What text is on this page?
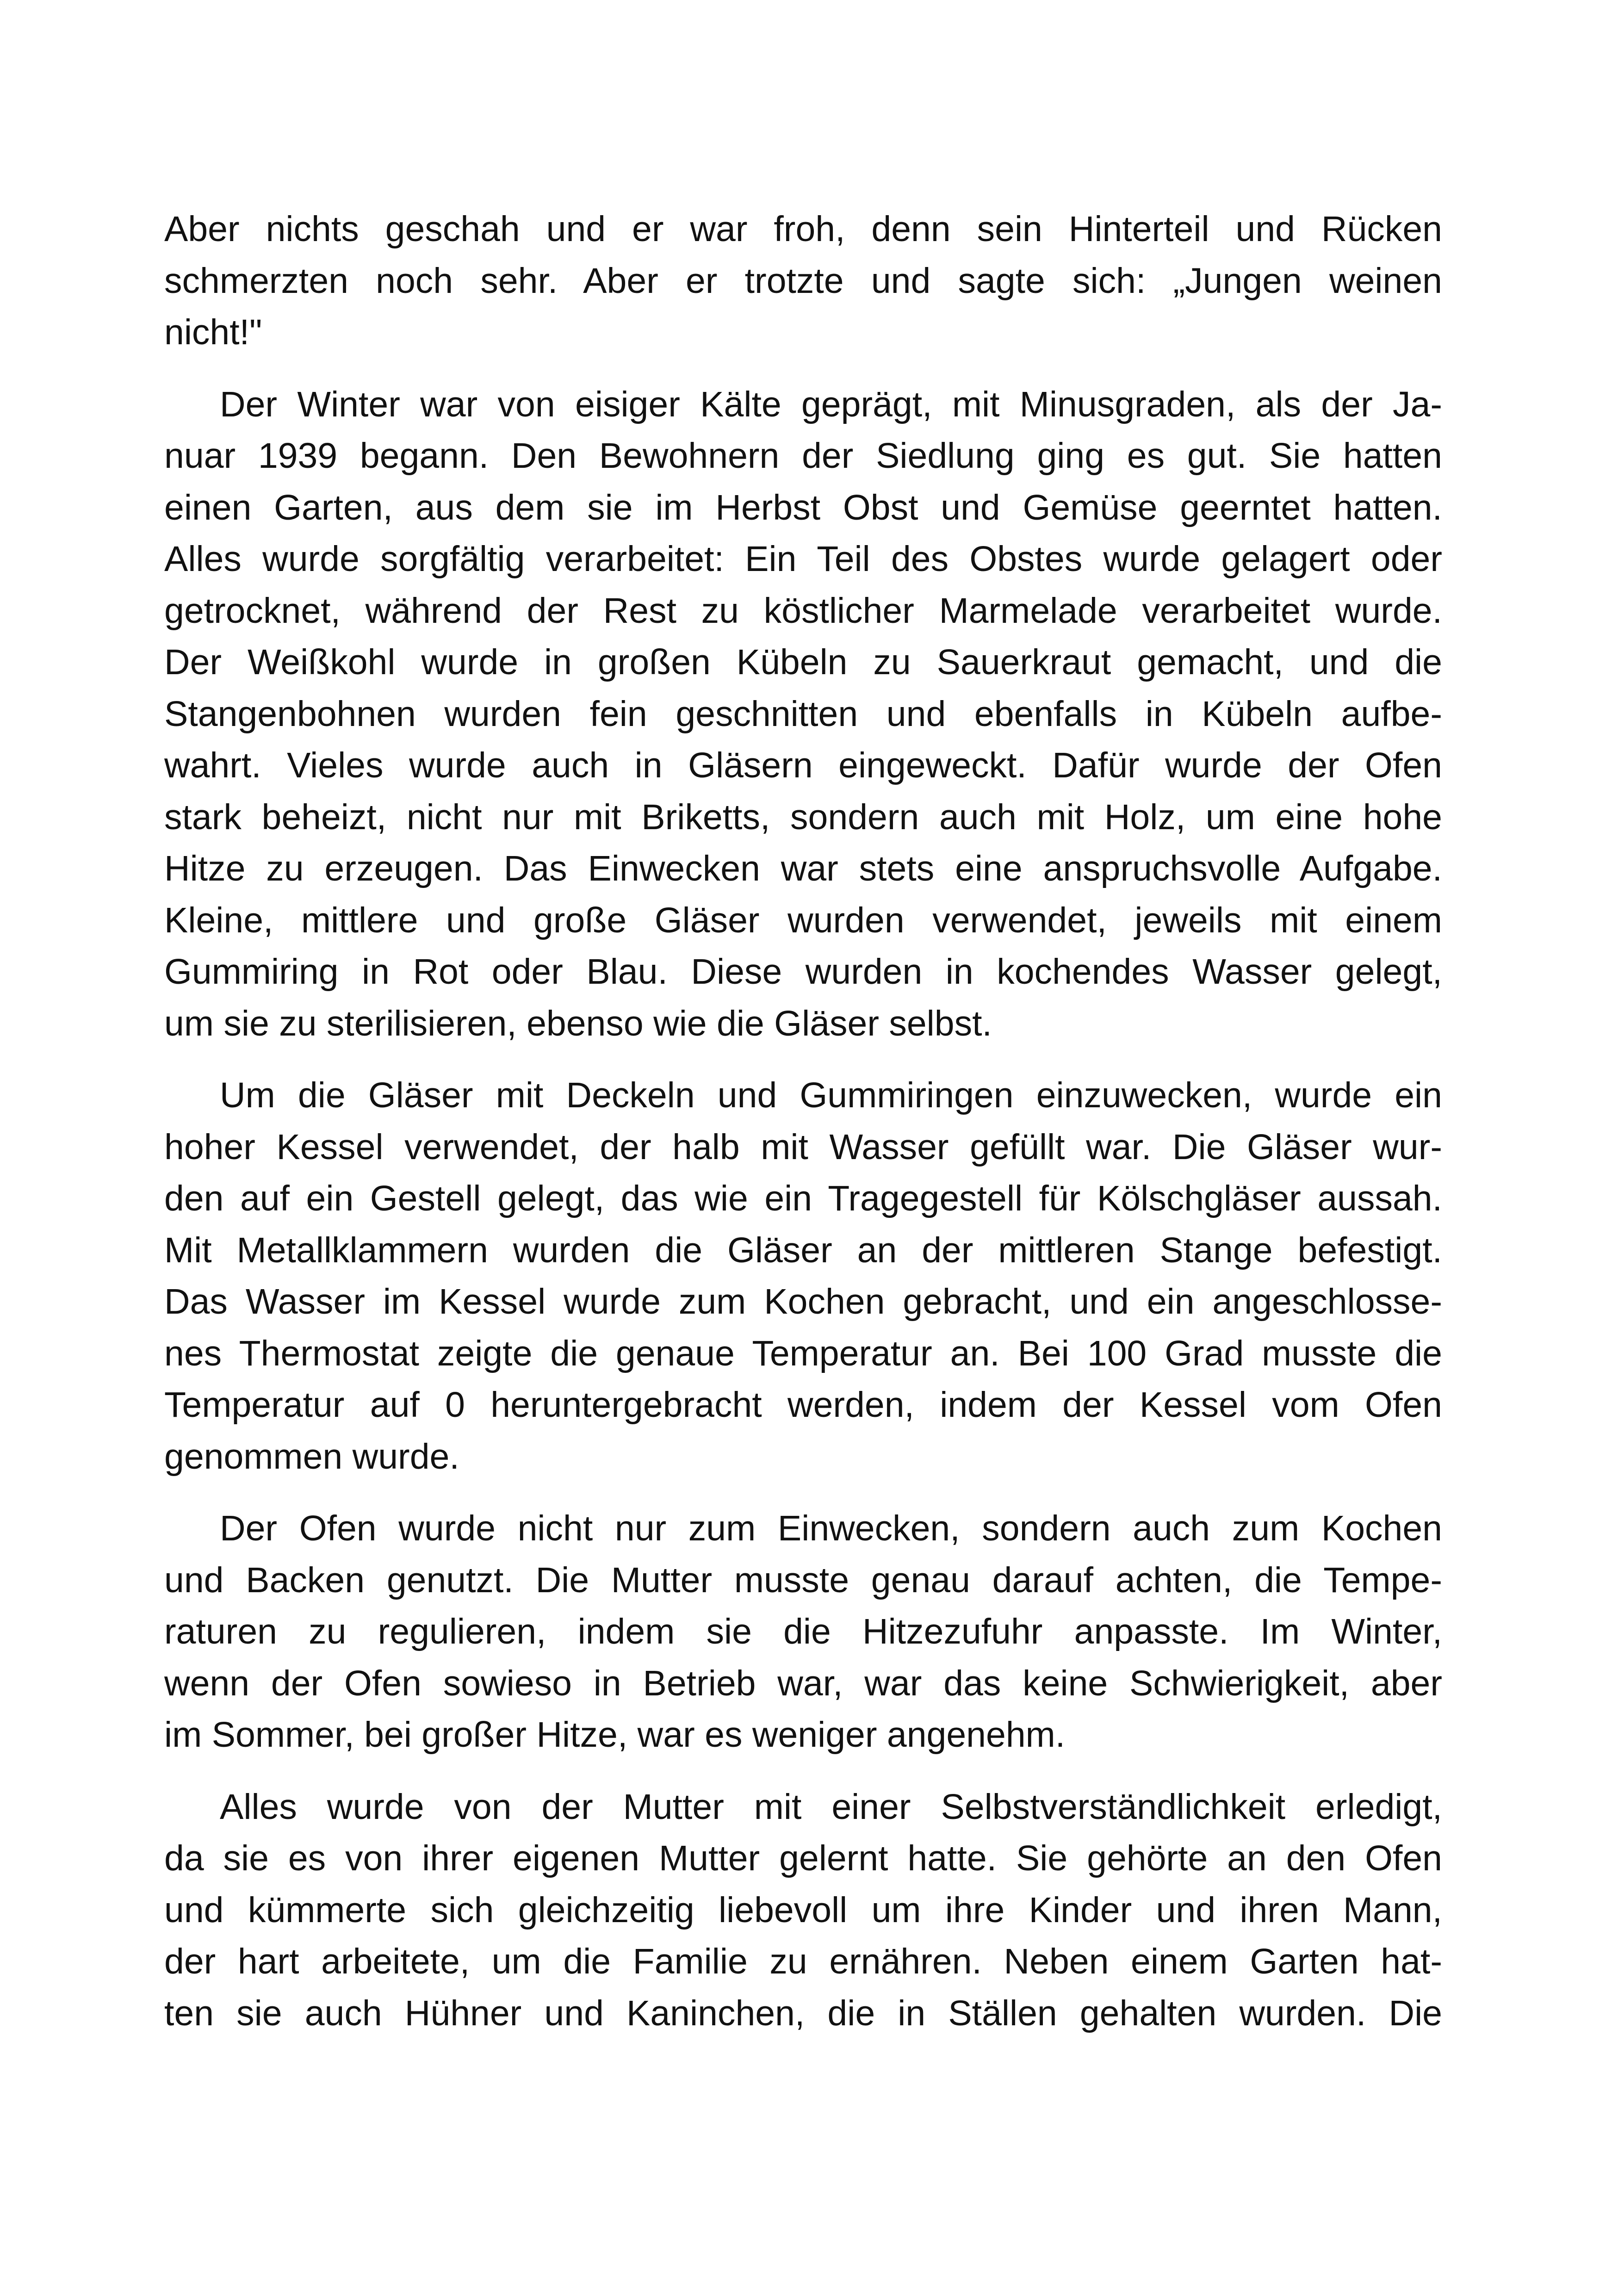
Aber nichts geschah und er war froh, denn sein Hinterteil und Rücken
schmerzten noch sehr. Aber er trotzte und sagte sich: „Jungen weinen
nicht!"
Der Winter war von eisiger Kälte geprägt, mit Minusgraden, als der Ja-
nuar 1939 begann. Den Bewohnern der Siedlung ging es gut. Sie hatten
einen Garten, aus dem sie im Herbst Obst und Gemüse geerntet hatten.
Alles wurde sorgfältig verarbeitet: Ein Teil des Obstes wurde gelagert oder
getrocknet, während der Rest zu köstlicher Marmelade verarbeitet wurde.
Der Weißkohl wurde in großen Kübeln zu Sauerkraut gemacht, und die
Stangenbohnen wurden fein geschnitten und ebenfalls in Kübeln aufbe-
wahrt. Vieles wurde auch in Gläsern eingeweckt. Dafür wurde der Ofen
stark beheizt, nicht nur mit Briketts, sondern auch mit Holz, um eine hohe
Hitze zu erzeugen. Das Einwecken war stets eine anspruchsvolle Aufgabe.
Kleine, mittlere und große Gläser wurden verwendet, jeweils mit einem
Gummiring in Rot oder Blau. Diese wurden in kochendes Wasser gelegt,
um sie zu sterilisieren, ebenso wie die Gläser selbst.
Um die Gläser mit Deckeln und Gummiringen einzuwecken, wurde ein
hoher Kessel verwendet, der halb mit Wasser gefüllt war. Die Gläser wur-
den auf ein Gestell gelegt, das wie ein Tragegestell für Kölschgläser aussah.
Mit Metallklammern wurden die Gläser an der mittleren Stange befestigt.
Das Wasser im Kessel wurde zum Kochen gebracht, und ein angeschlosse-
nes Thermostat zeigte die genaue Temperatur an. Bei 100 Grad musste die
Temperatur auf 0 heruntergebracht werden, indem der Kessel vom Ofen
genommen wurde.
Der Ofen wurde nicht nur zum Einwecken, sondern auch zum Kochen
und Backen genutzt. Die Mutter musste genau darauf achten, die Tempe-
raturen zu regulieren, indem sie die Hitzezufuhr anpasste. Im Winter,
wenn der Ofen sowieso in Betrieb war, war das keine Schwierigkeit, aber
im Sommer, bei großer Hitze, war es weniger angenehm.
Alles wurde von der Mutter mit einer Selbstverständlichkeit erledigt,
da sie es von ihrer eigenen Mutter gelernt hatte. Sie gehörte an den Ofen
und kümmerte sich gleichzeitig liebevoll um ihre Kinder und ihren Mann,
der hart arbeitete, um die Familie zu ernähren. Neben einem Garten hat-
ten sie auch Hühner und Kaninchen, die in Ställen gehalten wurden. Die
